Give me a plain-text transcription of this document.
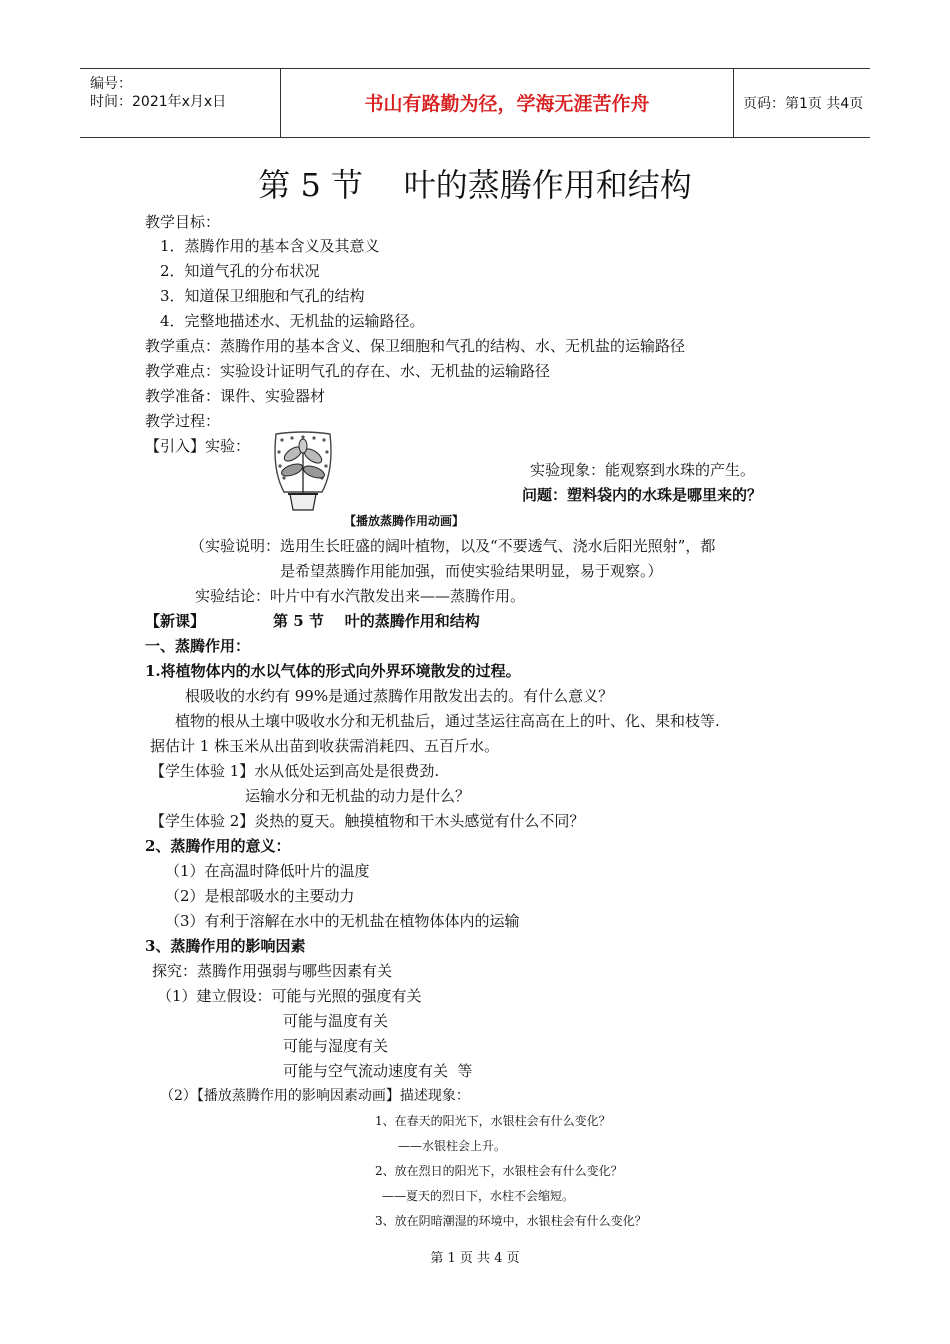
编号：
时间：2021年x月x日	书山有路勤为径，学海无涯苦作舟	页码：第1页 共4页
第 5 节    叶的蒸腾作用和结构
教学目标：
1．蒸腾作用的基本含义及其意义
2．知道气孔的分布状况
3．知道保卫细胞和气孔的结构
4．完整地描述水、无机盐的运输路径。
教学重点：蒸腾作用的基本含义、保卫细胞和气孔的结构、水、无机盐的运输路径
教学难点：实验设计证明气孔的存在、水、无机盐的运输路径
教学准备：课件、实验器材
教学过程：
【引入】实验：
实验现象：能观察到水珠的产生。
问题：塑料袋内的水珠是哪里来的？
【播放蒸腾作用动画】
（实验说明：选用生长旺盛的阔叶植物，以及“不要透气、浇水后阳光照射”，都
是希望蒸腾作用能加强，而使实验结果明显，易于观察。）
实验结论：叶片中有水汽散发出来——蒸腾作用。
【新课】	第 5 节    叶的蒸腾作用和结构
一、蒸腾作用：
1.将植物体内的水以气体的形式向外界环境散发的过程。
根吸收的水约有 99%是通过蒸腾作用散发出去的。有什么意义？
植物的根从土壤中吸收水分和无机盐后，通过茎运往高高在上的叶、化、果和枝等.
据估计 1 株玉米从出苗到收获需消耗四、五百斤水。
【学生体验 1】水从低处运到高处是很费劲.
运输水分和无机盐的动力是什么？
【学生体验 2】炎热的夏天。触摸植物和干木头感觉有什么不同？
2、蒸腾作用的意义：
（1）在高温时降低叶片的温度
（2）是根部吸水的主要动力
（3）有利于溶解在水中的无机盐在植物体体内的运输
3、蒸腾作用的影响因素
探究：蒸腾作用强弱与哪些因素有关
（1）建立假设：可能与光照的强度有关
可能与温度有关
可能与湿度有关
可能与空气流动速度有关  等
（2）【播放蒸腾作用的影响因素动画】描述现象：
1、在春天的阳光下，水银柱会有什么变化？
——水银柱会上升。
2、放在烈日的阳光下，水银柱会有什么变化？
——夏天的烈日下，水柱不会缩短。
3、放在阴暗潮湿的环境中，水银柱会有什么变化？
第 1 页 共 4 页
